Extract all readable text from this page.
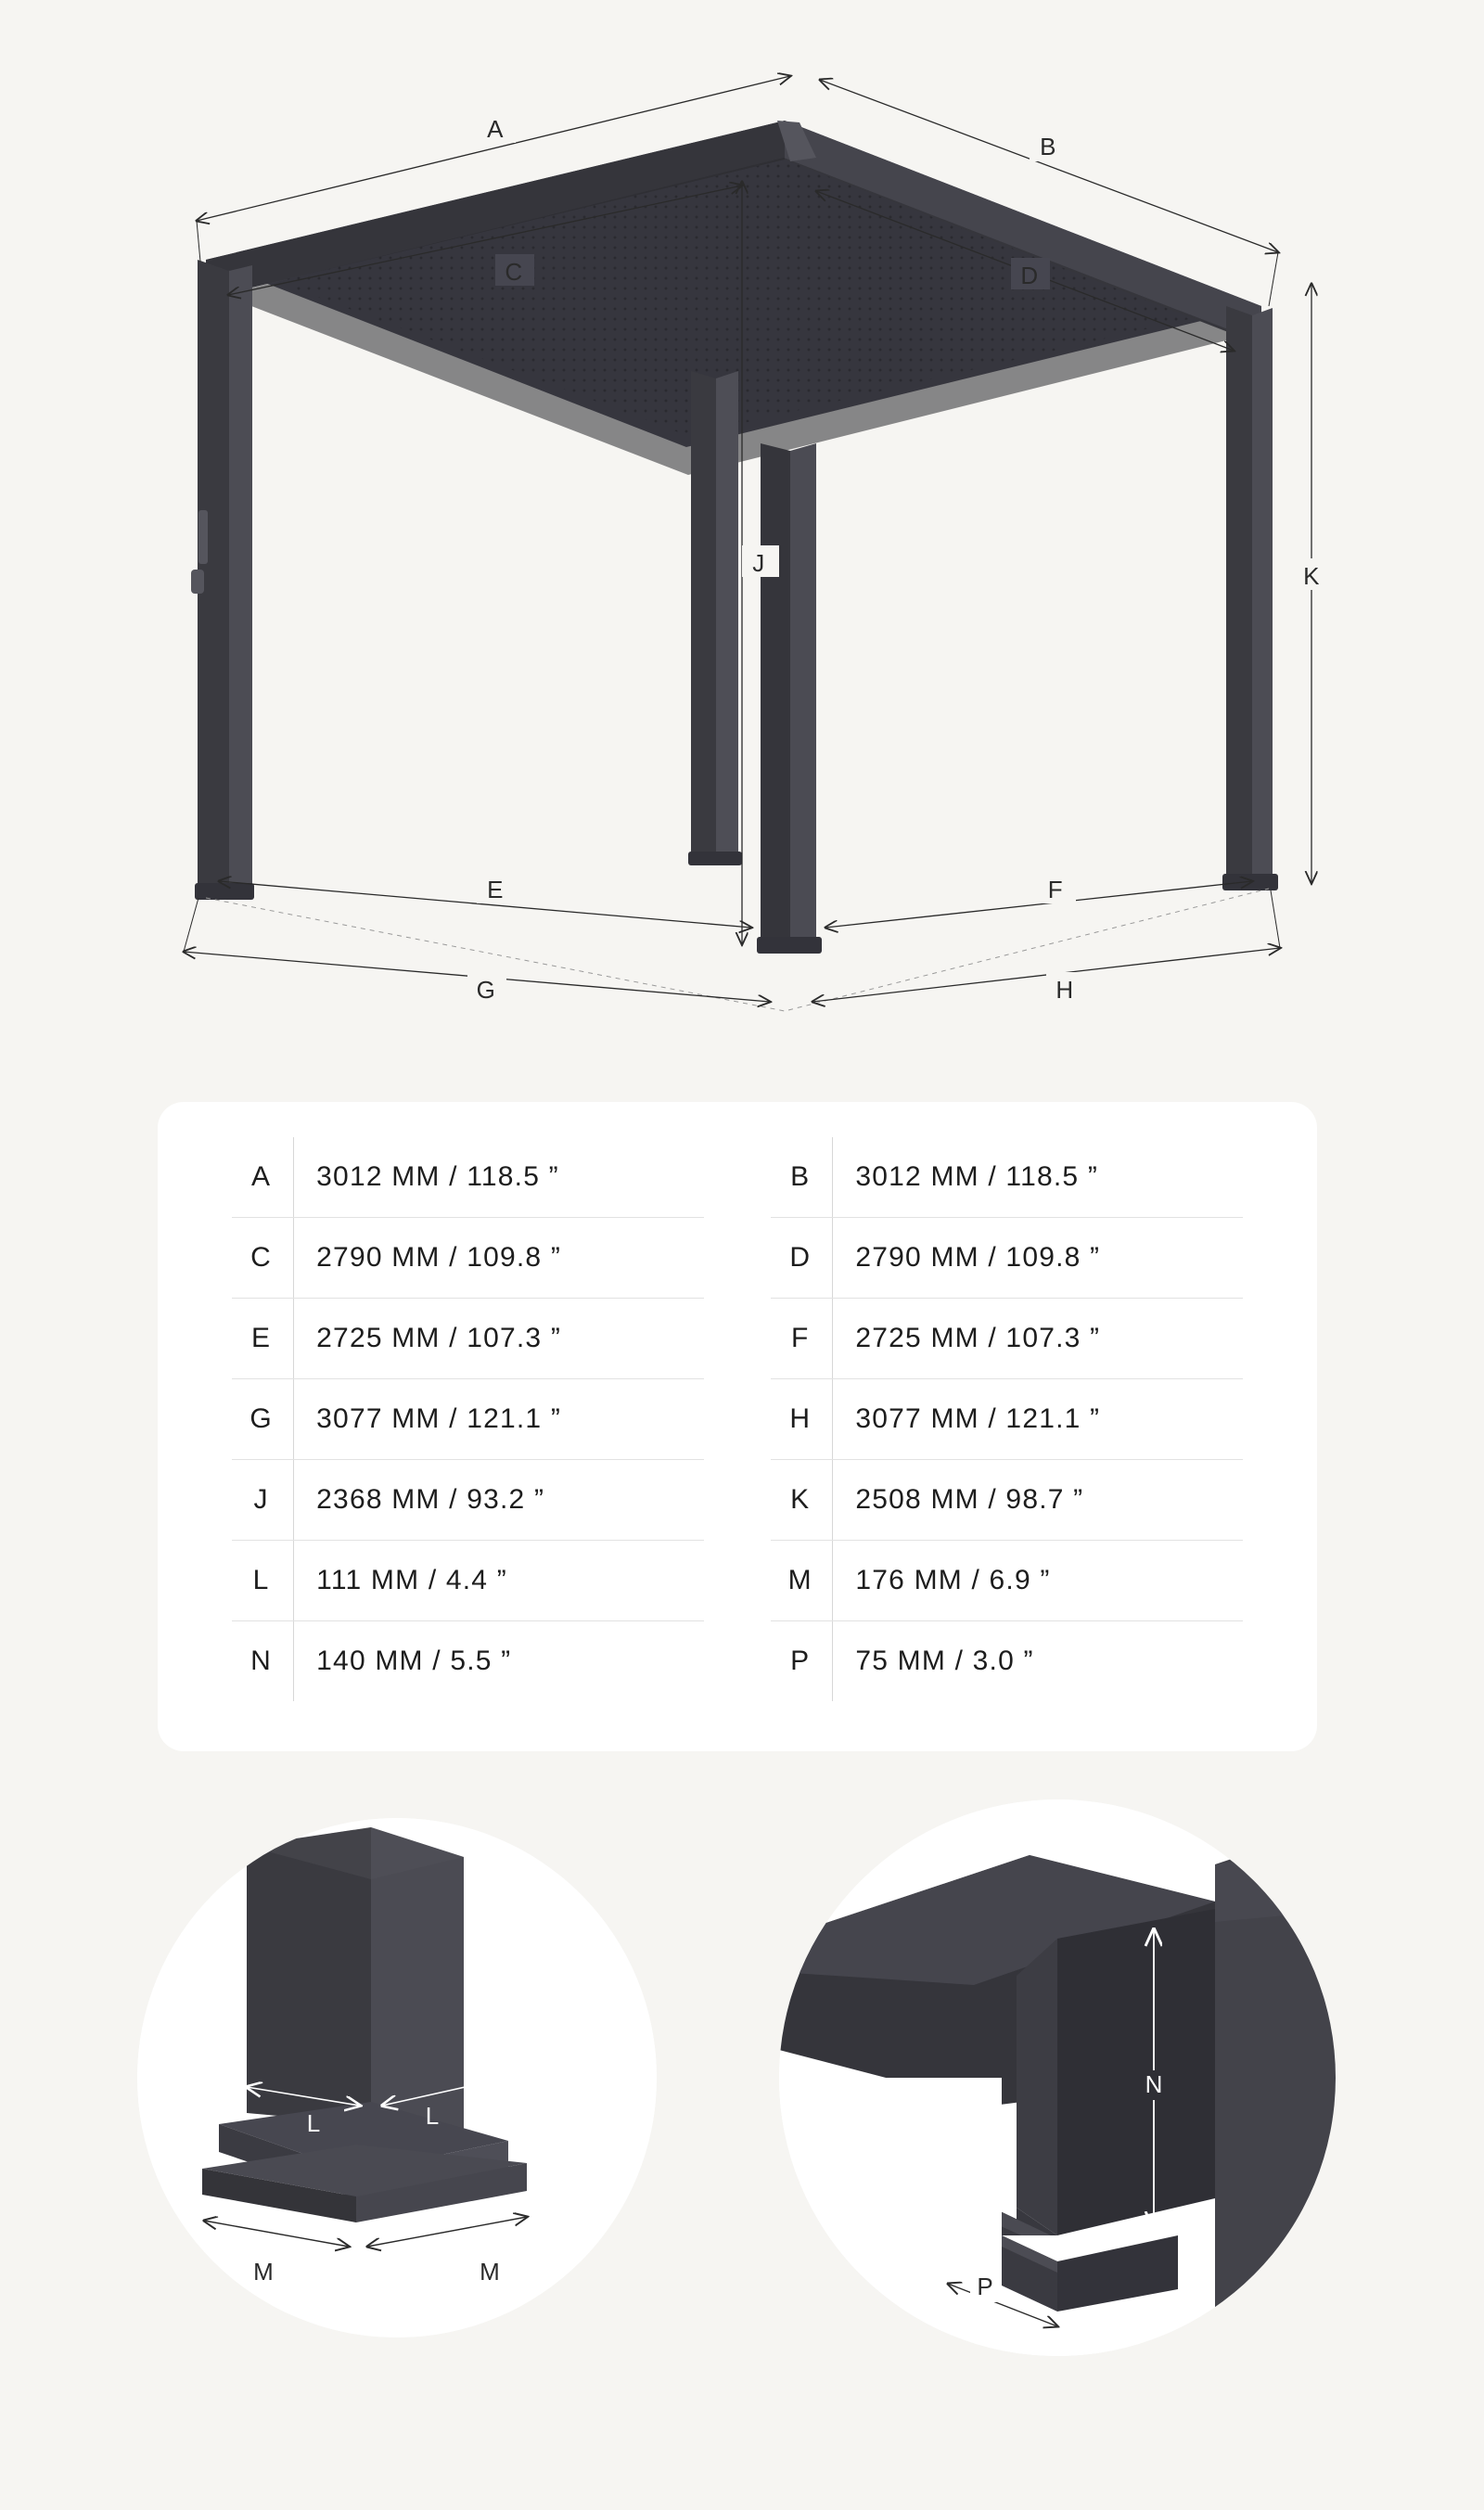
A
B
C	D
E	F
G	H
J	K
A	3012 MM / 118.5 ”		B	3012 MM / 118.5 ”
C	2790 MM / 109.8 ”		D	2790 MM / 109.8 ”
E	2725 MM / 107.3 ”		F	2725 MM / 107.3 ”
G	3077 MM / 121.1 ”		H	3077 MM / 121.1 ”
J	2368 MM / 93.2 ”		K	2508 MM / 98.7 ”
L	111 MM / 4.4 ”		M	176 MM / 6.9 ”
N	140 MM / 5.5 ”		P	75 MM / 3.0 ”
L	L
M	M
N
P
